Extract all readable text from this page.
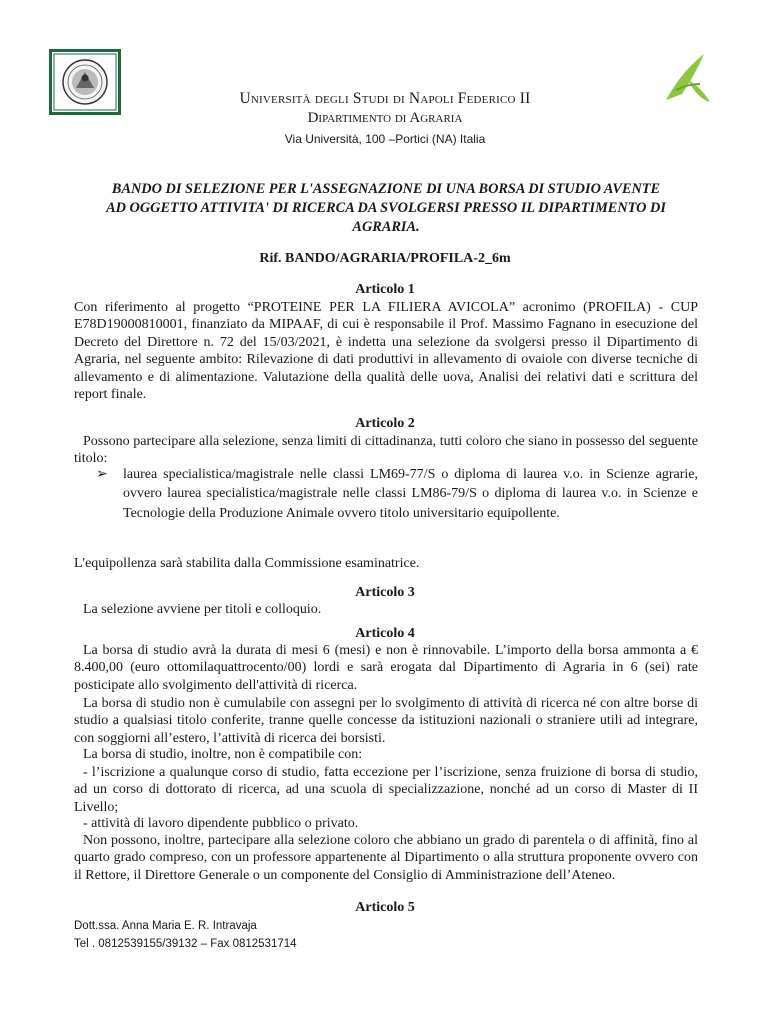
Università degli Studi di Napoli Federico II
Dipartimento di Agraria
Via Università, 100 –Portici (NA) Italia
BANDO DI SELEZIONE PER L'ASSEGNAZIONE DI UNA BORSA DI STUDIO AVENTE
AD OGGETTO ATTIVITA' DI RICERCA DA SVOLGERSI PRESSO IL DIPARTIMENTO DI
AGRARIA.
Rif. BANDO/AGRARIA/PROFILA-2_6m
Articolo 1
Con riferimento al progetto “PROTEINE PER LA FILIERA AVICOLA” acronimo (PROFILA) - CUP E78D19000810001, finanziato da MIPAAF, di cui è responsabile il Prof. Massimo Fagnano in esecuzione del Decreto del Direttore n. 72 del 15/03/2021, è indetta una selezione da svolgersi presso il Dipartimento di Agraria, nel seguente ambito: Rilevazione di dati produttivi in allevamento di ovaiole con diverse tecniche di allevamento e di alimentazione. Valutazione della qualità delle uova, Analisi dei relativi dati e scrittura del report finale.
Articolo 2
Possono partecipare alla selezione, senza limiti di cittadinanza, tutti coloro che siano in possesso del seguente titolo:
➢ laurea specialistica/magistrale nelle classi LM69-77/S o diploma di laurea v.o. in Scienze agrarie, ovvero laurea specialistica/magistrale nelle classi LM86-79/S o diploma di laurea v.o. in Scienze e Tecnologie della Produzione Animale ovvero titolo universitario equipollente.
L'equipollenza sarà stabilita dalla Commissione esaminatrice.
Articolo 3
La selezione avviene per titoli e colloquio.
Articolo 4
La borsa di studio avrà la durata di mesi 6 (mesi) e non è rinnovabile. L’importo della borsa ammonta a € 8.400,00 (euro ottomilaquattrocento/00) lordi e sarà erogata dal Dipartimento di Agraria in 6 (sei) rate posticipate allo svolgimento dell'attività di ricerca.
La borsa di studio non è cumulabile con assegni per lo svolgimento di attività di ricerca né con altre borse di studio a qualsiasi titolo conferite, tranne quelle concesse da istituzioni nazionali o straniere utili ad integrare, con soggiorni all’estero, l’attività di ricerca dei borsisti.
La borsa di studio, inoltre, non è compatibile con:
- l’iscrizione a qualunque corso di studio, fatta eccezione per l’iscrizione, senza fruizione di borsa di studio, ad un corso di dottorato di ricerca, ad una scuola di specializzazione, nonché ad un corso di Master di II Livello;
- attività di lavoro dipendente pubblico o privato.
Non possono, inoltre, partecipare alla selezione coloro che abbiano un grado di parentela o di affinità, fino al quarto grado compreso, con un professore appartenente al Dipartimento o alla struttura proponente ovvero con il Rettore, il Direttore Generale o un componente del Consiglio di Amministrazione dell’Ateneo.
Articolo 5
Dott.ssa. Anna Maria E. R. Intravaja
Tel . 0812539155/39132 – Fax 0812531714
